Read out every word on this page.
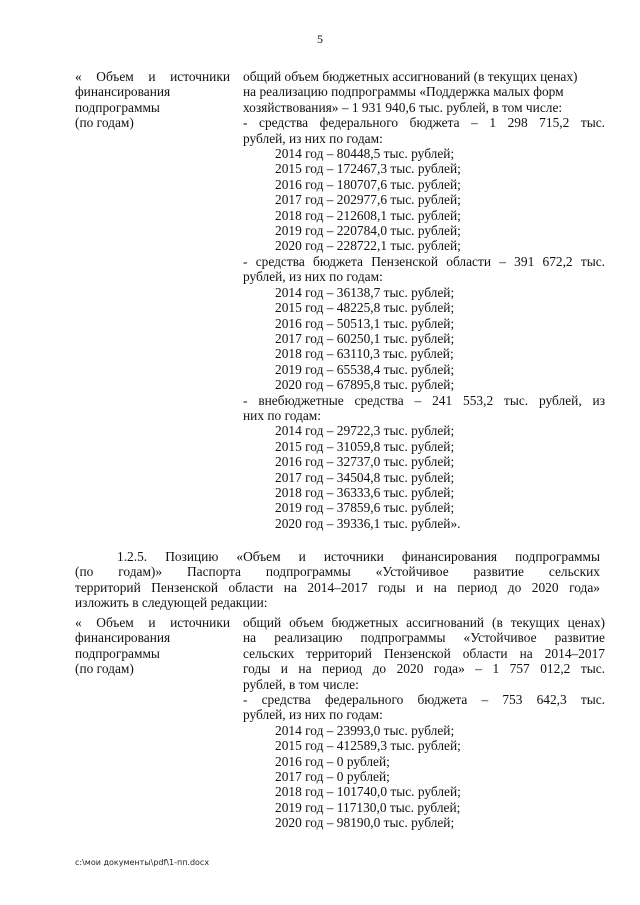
5
« Объем и источники
финансирования
подпрограммы
(по годам)
общий объем бюджетных ассигнований (в текущих ценах)
на реализацию подпрограммы «Поддержка малых форм
хозяйствования» – 1 931 940,6 тыс. рублей, в том числе:
- средства федерального бюджета – 1 298 715,2 тыс.
рублей, из них по годам:
2014 год – 80448,5 тыс. рублей;
2015 год – 172467,3 тыс. рублей;
2016 год – 180707,6 тыс. рублей;
2017 год – 202977,6 тыс. рублей;
2018 год – 212608,1 тыс. рублей;
2019 год – 220784,0 тыс. рублей;
2020 год – 228722,1 тыс. рублей;
- средства бюджета Пензенской области – 391 672,2 тыс.
рублей, из них по годам:
2014 год – 36138,7 тыс. рублей;
2015 год – 48225,8 тыс. рублей;
2016 год – 50513,1 тыс. рублей;
2017 год – 60250,1 тыс. рублей;
2018 год – 63110,3 тыс. рублей;
2019 год – 65538,4 тыс. рублей;
2020 год – 67895,8 тыс. рублей;
- внебюджетные средства – 241 553,2 тыс. рублей, из
них по годам:
2014 год – 29722,3 тыс. рублей;
2015 год – 31059,8 тыс. рублей;
2016 год – 32737,0 тыс. рублей;
2017 год – 34504,8 тыс. рублей;
2018 год – 36333,6 тыс. рублей;
2019 год – 37859,6 тыс. рублей;
2020 год – 39336,1 тыс. рублей».
1.2.5. Позицию «Объем и источники финансирования подпрограммы
(по годам)» Паспорта подпрограммы «Устойчивое развитие сельских
территорий Пензенской области на 2014–2017 годы и на период до 2020 года»
изложить в следующей редакции:
« Объем и источники
финансирования
подпрограммы
(по годам)
общий объем бюджетных ассигнований (в текущих ценах)
на реализацию подпрограммы «Устойчивое развитие
сельских территорий Пензенской области на 2014–2017
годы и на период до 2020 года» – 1 757 012,2 тыс.
рублей, в том числе:
- средства федерального бюджета – 753 642,3 тыс.
рублей, из них по годам:
2014 год – 23993,0 тыс. рублей;
2015 год – 412589,3 тыс. рублей;
2016 год – 0 рублей;
2017 год – 0 рублей;
2018 год – 101740,0 тыс. рублей;
2019 год – 117130,0 тыс. рублей;
2020 год – 98190,0 тыс. рублей;
c:\мои документы\pdf\1-пп.docx
